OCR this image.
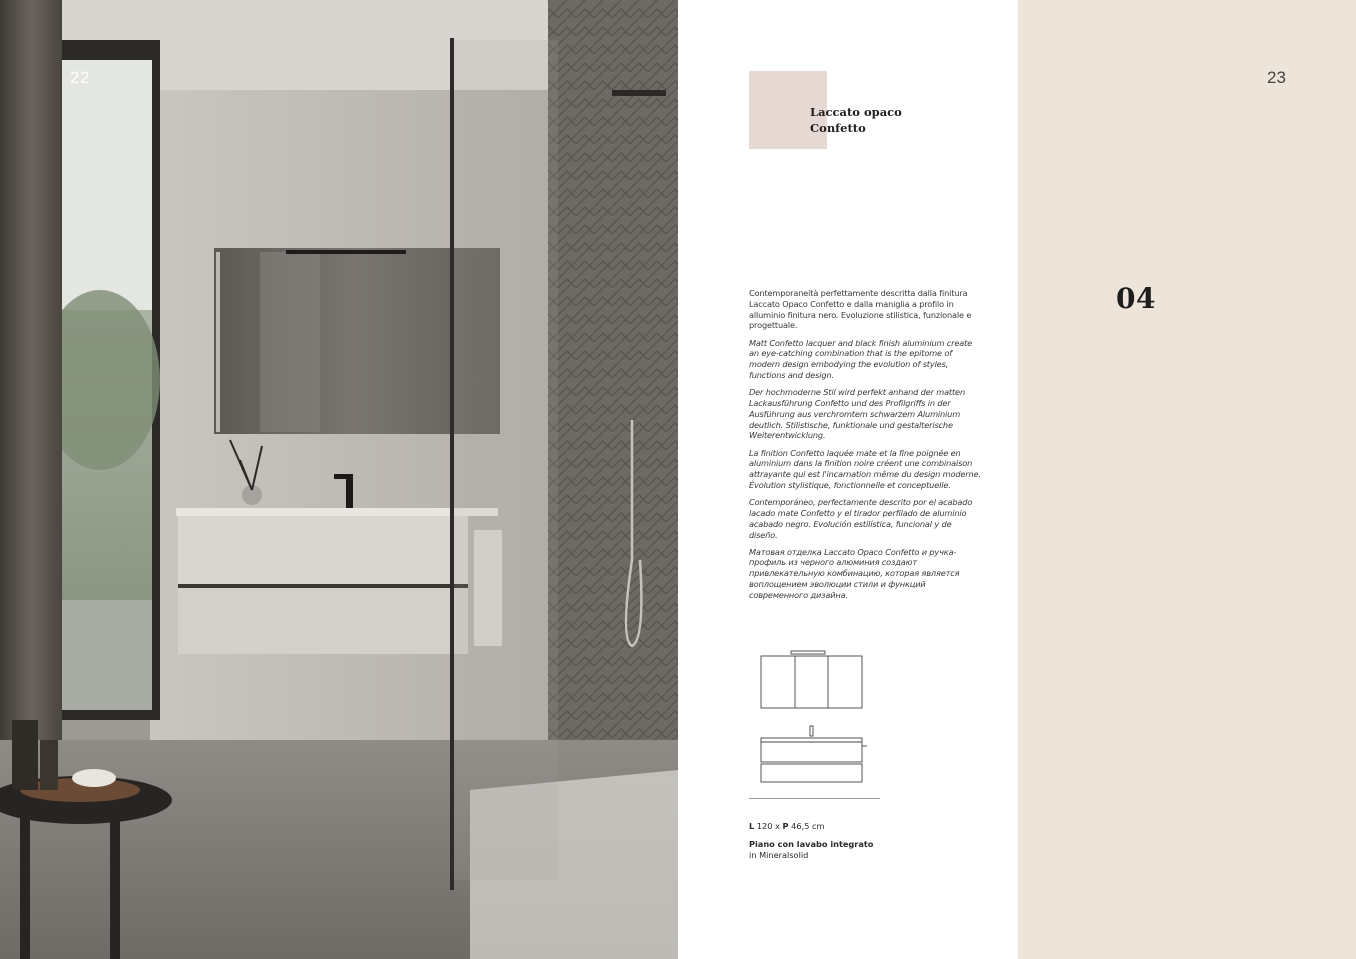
22
Laccato opaco
Confetto

Contemporaneità perfettamente descritta dalla finitura Laccato Opaco Confetto e dalla maniglia a profilo in alluminio finitura nero. Evoluzione stilistica, funzionale e progettuale.

Matt Confetto lacquer and black finish aluminium create an eye-catching combination that is the epitome of modern design embodying the evolution of styles, functions and design.

Der hochmoderne Stil wird perfekt anhand der matten Lackausführung Confetto und des Profilgriffs in der Ausführung aus verchromtem schwarzem Aluminium deutlich. Stilistische, funktionale und gestalterische Weiterentwicklung.

La finition Confetto laquée mate et la fine poignée en aluminium dans la finition noire créent une combinaison attrayante qui est l'incarnation même du design moderne. Évolution stylistique, fonctionnelle et conceptuelle.

Contemporáneo, perfectamente descrito por el acabado lacado mate Confetto y el tirador perfilado de aluminio acabado negro. Evolución estilística, funcional y de diseño.

Матовая отделка Laccato Opaco Confetto и ручка-профиль из черного алюминия создают привлекательную комбинацию, которая является воплощением эволюции стили и функций современного дизайна.

L 120 x P 46,5 cm
Piano con lavabo integrato
in Mineralsolid
23
04
